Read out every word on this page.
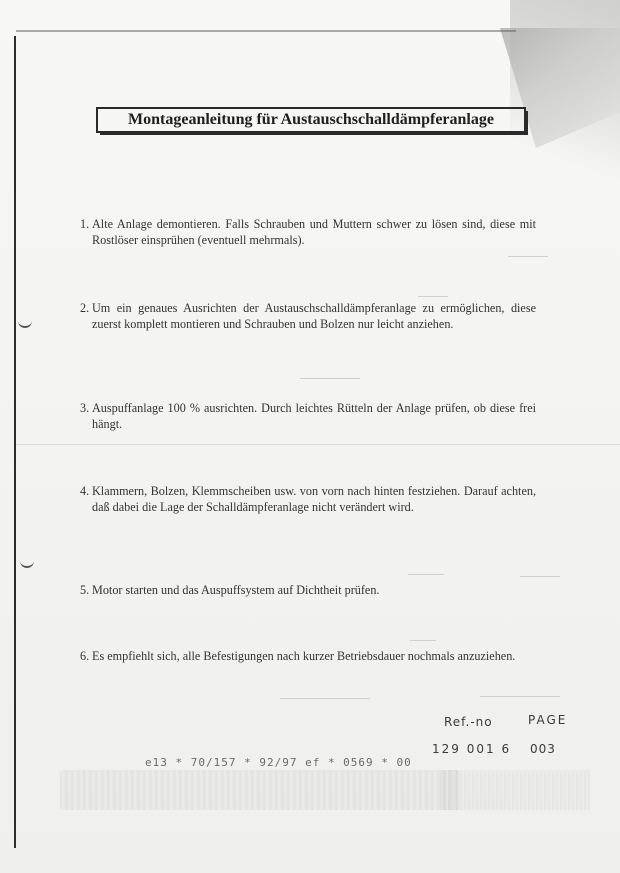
Montageanleitung für Austauschschalldämpferanlage
1. Alte Anlage demontieren. Falls Schrauben und Muttern schwer zu lösen sind, diese mit Rostlöser einsprühen (eventuell mehrmals).
2. Um ein genaues Ausrichten der Austauschschalldämpferanlage zu ermöglichen, diese zuerst komplett montieren und Schrauben und Bolzen nur leicht anziehen.
3. Auspuffanlage 100 % ausrichten. Durch leichtes Rütteln der Anlage prüfen, ob diese frei hängt.
4. Klammern, Bolzen, Klemmscheiben usw. von vorn nach hinten festziehen. Darauf achten, daß dabei die Lage der Schalldämpferanlage nicht verändert wird.
5. Motor starten und das Auspuffsystem auf Dichtheit prüfen.
6. Es empfiehlt sich, alle Befestigungen nach kurzer Betriebsdauer nochmals anzuziehen.
Ref.-no	PAGE
129 001 6 003
e13 * 70/157 * 92/97 ef * 0569 * 00
